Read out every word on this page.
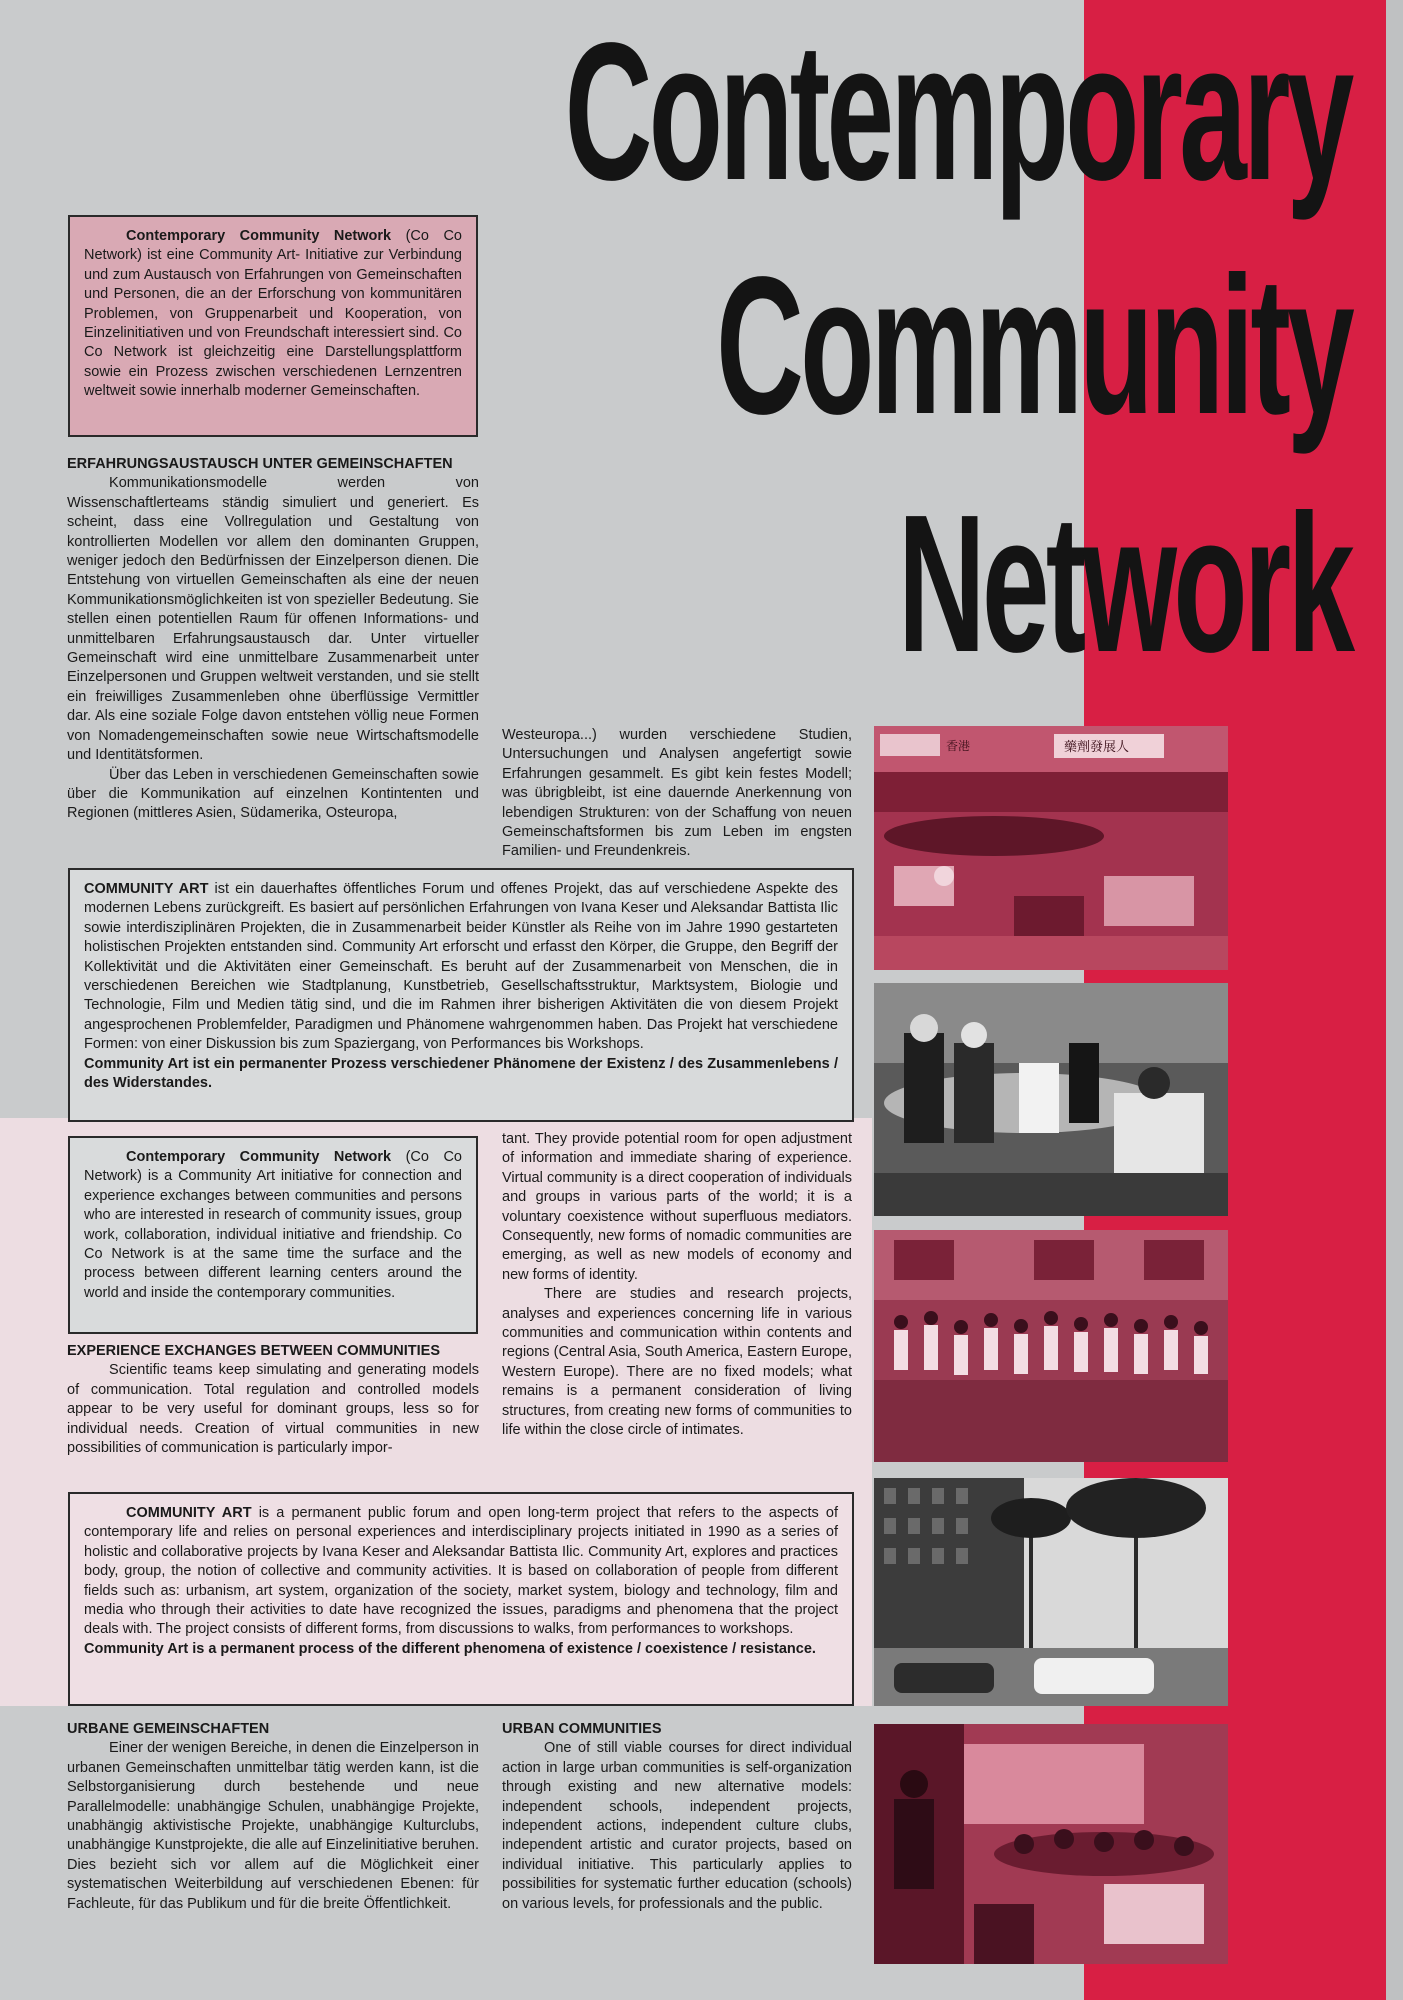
Contemporary
Community
Network

Contemporary Community Network (Co Co Network) ist eine Community Art- Initiative zur Verbindung und zum Austausch von Erfahrungen von Gemeinschaften und Personen, die an der Erforschung von kommunitären Problemen, von Gruppenarbeit und Kooperation, von Einzelinitiativen und von Freundschaft interessiert sind. Co Co Network ist gleichzeitig eine Darstellungsplattform sowie ein Prozess zwischen verschiedenen Lernzentren weltweit sowie innerhalb moderner Gemeinschaften.

ERFAHRUNGSAUSTAUSCH UNTER GEMEINSCHAFTEN

Kommunikationsmodelle werden von Wissenschaftlerteams ständig simuliert und generiert. Es scheint, dass eine Vollregulation und Gestaltung von kontrollierten Modellen vor allem den dominanten Gruppen, weniger jedoch den Bedürfnissen der Einzelperson dienen. Die Entstehung von virtuellen Gemeinschaften als eine der neuen Kommunikationsmöglichkeiten ist von spezieller Bedeutung. Sie stellen einen potentiellen Raum für offenen Informations- und unmittelbaren Erfahrungsaustausch dar. Unter virtueller Gemeinschaft wird eine unmittelbare Zusammenarbeit unter Einzelpersonen und Gruppen weltweit verstanden, und sie stellt ein freiwilliges Zusammenleben ohne überflüssige Vermittler dar. Als eine soziale Folge davon entstehen völlig neue Formen von Nomadengemeinschaften sowie neue Wirtschaftsmodelle und Identitätsformen.

Über das Leben in verschiedenen Gemeinschaften sowie über die Kommunikation auf einzelnen Kontintenten und Regionen (mittleres Asien, Südamerika, Osteuropa,

Westeuropa...) wurden verschiedene Studien, Untersuchungen und Analysen angefertigt sowie Erfahrungen gesammelt. Es gibt kein festes Modell; was übrigbleibt, ist eine dauernde Anerkennung von lebendigen Strukturen: von der Schaffung von neuen Gemeinschaftsformen bis zum Leben im engsten Familien- und Freundenkreis.

COMMUNITY ART ist ein dauerhaftes öffentliches Forum und offenes Projekt, das auf verschiedene Aspekte des modernen Lebens zurückgreift. Es basiert auf persönlichen Erfahrungen von Ivana Keser und Aleksandar Battista Ilic sowie interdisziplinären Projekten, die in Zusammenarbeit beider Künstler als Reihe von im Jahre 1990 gestarteten holistischen Projekten entstanden sind. Community Art erforscht und erfasst den Körper, die Gruppe, den Begriff der Kollektivität und die Aktivitäten einer Gemeinschaft. Es beruht auf der Zusammenarbeit von Menschen, die in verschiedenen Bereichen wie Stadtplanung, Kunstbetrieb, Gesellschaftsstruktur, Marktsystem, Biologie und Technologie, Film und Medien tätig sind, und die im Rahmen ihrer bisherigen Aktivitäten die von diesem Projekt angesprochenen Problemfelder, Paradigmen und Phänomene wahrgenommen haben. Das Projekt hat verschiedene Formen: von einer Diskussion bis zum Spaziergang, von Performances bis Workshops.

Community Art ist ein permanenter Prozess verschiedener Phänomene der Existenz / des Zusammenlebens / des Widerstandes.

Contemporary Community Network (Co Co Network) is a Community Art initiative for connection and experience exchanges between communities and persons who are interested in research of community issues, group work, collaboration, individual initiative and friendship. Co Co Network is at the same time the surface and the process between different learning centers around the world and inside the contemporary communities.

EXPERIENCE EXCHANGES BETWEEN COMMUNITIES

Scientific teams keep simulating and generating models of communication. Total regulation and controlled models appear to be very useful for dominant groups, less so for individual needs. Creation of virtual communities in new possibilities of communication is particularly impor-

tant. They provide potential room for open adjustment of information and immediate sharing of experience. Virtual community is a direct cooperation of individuals and groups in various parts of the world; it is a voluntary coexistence without superfluous mediators. Consequently, new forms of nomadic communities are emerging, as well as new models of economy and new forms of identity.

There are studies and research projects, analyses and experiences concerning life in various communities and communication within contents and regions (Central Asia, South America, Eastern Europe, Western Europe). There are no fixed models; what remains is a permanent consideration of living structures, from creating new forms of communities to life within the close circle of intimates.

COMMUNITY ART is a permanent public forum and open long-term project that refers to the aspects of contemporary life and relies on personal experiences and interdisciplinary projects initiated in 1990 as a series of holistic and collaborative projects by Ivana Keser and Aleksandar Battista Ilic. Community Art, explores and practices body, group, the notion of collective and community activities. It is based on collaboration of people from different fields such as: urbanism, art system, organization of the society, market system, biology and technology, film and media who through their activities to date have recognized the issues, paradigms and phenomena that the project deals with. The project consists of different forms, from discussions to walks, from performances to workshops.

Community Art is a permanent process of the different phenomena of existence / coexistence / resistance.

URBANE GEMEINSCHAFTEN

Einer der wenigen Bereiche, in denen die Einzelperson in urbanen Gemeinschaften unmittelbar tätig werden kann, ist die Selbstorganisierung durch bestehende und neue Parallelmodelle: unabhängige Schulen, unabhängige Projekte, unabhängig aktivistische Projekte, unabhängige Kulturclubs, unabhängige Kunstprojekte, die alle auf Einzelinitiative beruhen. Dies bezieht sich vor allem auf die Möglichkeit einer systematischen Weiterbildung auf verschiedenen Ebenen: für Fachleute, für das Publikum und für die breite Öffentlichkeit.

URBAN COMMUNITIES

One of still viable courses for direct individual action in large urban communities is self-organization through existing and new alternative models: independent schools, independent projects, independent actions, independent culture clubs, independent artistic and curator projects, based on individual initiative. This particularly applies to possibilities for systematic further education (schools) on various levels, for professionals and the public.

香港	藥劑發展人
